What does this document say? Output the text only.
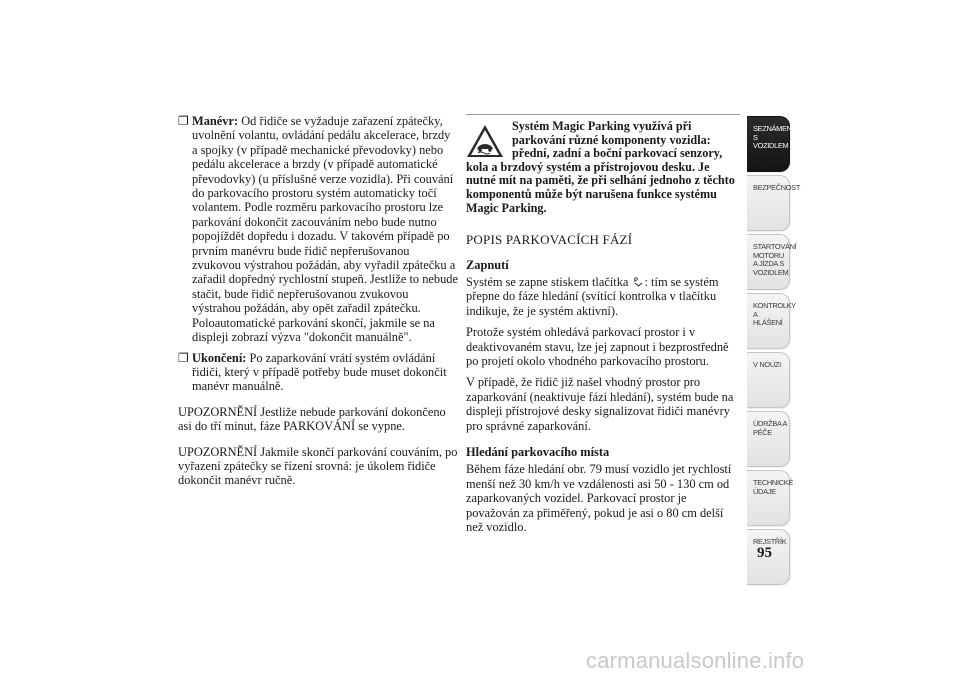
❐ Manévr: Od řidiče se vyžaduje zařazení zpátečky, uvolnění volantu, ovládání pedálu akcelerace, brzdy a spojky (v případě mechanické převodovky) nebo pedálu akcelerace a brzdy (v případě automatické převodovky) (u příslušné verze vozidla). Při couvání do parkovacího prostoru systém automaticky točí volantem. Podle rozměru parkovacího prostoru lze parkování dokončit zacouváním nebo bude nutno popojíždět dopředu i dozadu. V takovém případě po prvním manévru bude řidič nepřerušovanou zvukovou výstrahou požádán, aby vyřadil zpátečku a zařadil dopředný rychlostní stupeň. Jestliže to nebude stačit, bude řidič nepřerušovanou zvukovou výstrahou požádán, aby opět zařadil zpátečku. Poloautomatické parkování skončí, jakmile se na displeji zobrazí výzva "dokončit manuálně".
❐ Ukončení: Po zaparkování vrátí systém ovládání řidiči, který v případě potřeby bude muset dokončit manévr manuálně.

UPOZORNĚNÍ Jestliže nebude parkování dokončeno asi do tří minut, fáze PARKOVÁNÍ se vypne.

UPOZORNĚNÍ Jakmile skončí parkování couváním, po vyřazení zpátečky se řízení srovná: je úkolem řidiče dokončit manévr ručně.

Systém Magic Parking využívá při parkování různé komponenty vozidla: přední, zadní a boční parkovací senzory, kola a brzdový systém a přístrojovou desku. Je nutné mít na paměti, že při selhání jednoho z těchto komponentů může být narušena funkce systému Magic Parking.
POPIS PARKOVACÍCH FÁZÍ

Zapnutí

Systém se zapne stiskem tlačítka P : tím se systém přepne do fáze hledání (svítící kontrolka v tlačítku indikuje, že je systém aktivní).

Protože systém ohledává parkovací prostor i v deaktivovaném stavu, lze jej zapnout i bezprostředně po projetí okolo vhodného parkovacího prostoru.

V případě, že řidič již našel vhodný prostor pro zaparkování (neaktivuje fázi hledání), systém bude na displeji přístrojové desky signalizovat řidiči manévry pro správné zaparkování.

Hledání parkovacího místa

Během fáze hledání obr. 79 musí vozidlo jet rychlostí menší než 30 km/h ve vzdálenosti asi 50 - 130 cm od zaparkovaných vozidel. Parkovací prostor je považován za přiměřený, pokud je asi o 80 cm delší než vozidlo.

SEZNÁMENÍ S VOZIDLEM
BEZPEČNOST
STARTOVÁNÍ MOTORU A JÍZDA S VOZIDLEM
KONTROLKY A HLÁŠENÍ
V NOUZI
ÚDRŽBA A PÉČE
TECHNICKÉ ÚDAJE
REJSTŘÍK
95
carmanualsonline.info
